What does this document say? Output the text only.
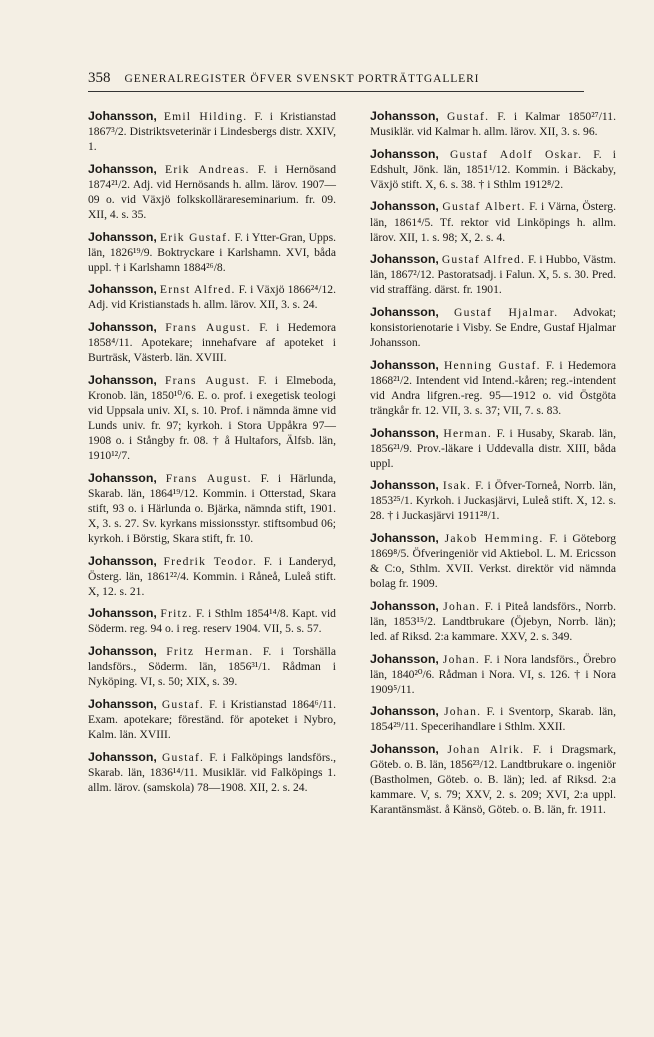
358 GENERALREGISTER ÖFVER SVENSKT PORTRÄTTGALLERI

Johansson, Emil Hilding. F. i Kristianstad 1867³/2. Distriktsveterinär i Lindesbergs distr. XXIV, 1.

Johansson, Erik Andreas. F. i Hernösand 1874²¹/2. Adj. vid Hernösands h. allm. lärov. 1907—09 o. vid Växjö folkskollärareseminarium. fr. 09. XII, 4. s. 35.

Johansson, Erik Gustaf. F. i Ytter-Gran, Upps. län, 1826¹⁹/9. Boktryckare i Karlshamn. XVI, båda uppl. † i Karlshamn 1884²⁶/8.

Johansson, Ernst Alfred. F. i Växjö 1866²⁴/12. Adj. vid Kristianstads h. allm. lärov. XII, 3. s. 24.

Johansson, Frans August. F. i Hedemora 1858⁴/11. Apotekare; innehafvare af apoteket i Burträsk, Västerb. län. XVIII.

Johansson, Frans August. F. i Elmeboda, Kronob. län, 1850¹⁰/6. E. o. prof. i exegetisk teologi vid Uppsala univ. XI, s. 10. Prof. i nämnda ämne vid Lunds univ. fr. 97; kyrkoh. i Stora Uppåkra 97—1908 o. i Stångby fr. 08. † å Hultafors, Älfsb. län, 1910¹²/7.

Johansson, Frans August. F. i Härlunda, Skarab. län, 1864¹⁹/12. Kommin. i Otterstad, Skara stift, 93 o. i Härlunda o. Bjärka, nämnda stift, 1901. X, 3. s. 27. Sv. kyrkans missionsstyr. stiftsombud 06; kyrkoh. i Börstig, Skara stift, fr. 10.

Johansson, Fredrik Teodor. F. i Landeryd, Österg. län, 1861²²/4. Kommin. i Råneå, Luleå stift. X, 12. s. 21.

Johansson, Fritz. F. i Sthlm 1854¹⁴/8. Kapt. vid Söderm. reg. 94 o. i reg. reserv 1904. VII, 5. s. 57.

Johansson, Fritz Herman. F. i Torshälla landsförs., Söderm. län, 1856³¹/1. Rådman i Nyköping. VI, s. 50; XIX, s. 39.

Johansson, Gustaf. F. i Kristianstad 1864⁶/11. Exam. apotekare; föreständ. för apoteket i Nybro, Kalm. län. XVIII.

Johansson, Gustaf. F. i Falköpings landsförs., Skarab. län, 1836¹⁴/11. Musiklär. vid Falköpings 1. allm. lärov. (samskola) 78—1908. XII, 2. s. 24.

Johansson, Gustaf. F. i Kalmar 1850²⁷/11. Musiklär. vid Kalmar h. allm. lärov. XII, 3. s. 96.

Johansson, Gustaf Adolf Oskar. F. i Edshult, Jönk. län, 1851¹/12. Kommin. i Bäckaby, Växjö stift. X, 6. s. 38. † i Sthlm 1912⁸/2.

Johansson, Gustaf Albert. F. i Värna, Österg. län, 1861⁴/5. Tf. rektor vid Linköpings h. allm. lärov. XII, 1. s. 98; X, 2. s. 4.

Johansson, Gustaf Alfred. F. i Hubbo, Västm. län, 1867²/12. Pastoratsadj. i Falun. X, 5. s. 30. Pred. vid straffäng. därst. fr. 1901.

Johansson, Gustaf Hjalmar. Advokat; konsistorienotarie i Visby. Se Endre, Gustaf Hjalmar Johansson.

Johansson, Henning Gustaf. F. i Hedemora 1868²¹/2. Intendent vid Intend.-kåren; reg.-intendent vid Andra lifgren.-reg. 95—1912 o. vid Östgöta trängkår fr. 12. VII, 3. s. 37; VII, 7. s. 83.

Johansson, Herman. F. i Husaby, Skarab. län, 1856²¹/9. Prov.-läkare i Uddevalla distr. XIII, båda uppl.

Johansson, Isak. F. i Öfver-Torneå, Norrb. län, 1853²⁵/1. Kyrkoh. i Juckasjärvi, Luleå stift. X, 12. s. 28. † i Juckasjärvi 1911²⁸/1.

Johansson, Jakob Hemming. F. i Göteborg 1869⁸/5. Öfveringeniör vid Aktiebol. L. M. Ericsson & C:o, Sthlm. XVII. Verkst. direktör vid nämnda bolag fr. 1909.

Johansson, Johan. F. i Piteå landsförs., Norrb. län, 1853¹⁵/2. Landtbrukare (Öjebyn, Norrb. län); led. af Riksd. 2:a kammare. XXV, 2. s. 349.

Johansson, Johan. F. i Nora landsförs., Örebro län, 1840²⁰/6. Rådman i Nora. VI, s. 126. † i Nora 1909⁵/11.

Johansson, Johan. F. i Sventorp, Skarab. län, 1854²⁹/11. Specerihandlare i Sthlm. XXII.

Johansson, Johan Alrik. F. i Dragsmark, Göteb. o. B. län, 1856²³/12. Landtbrukare o. ingeniör (Bastholmen, Göteb. o. B. län); led. af Riksd. 2:a kammare. V, s. 79; XXV, 2. s. 209; XVI, 2:a uppl. Karantänsmäst. å Känsö, Göteb. o. B. län, fr. 1911.
